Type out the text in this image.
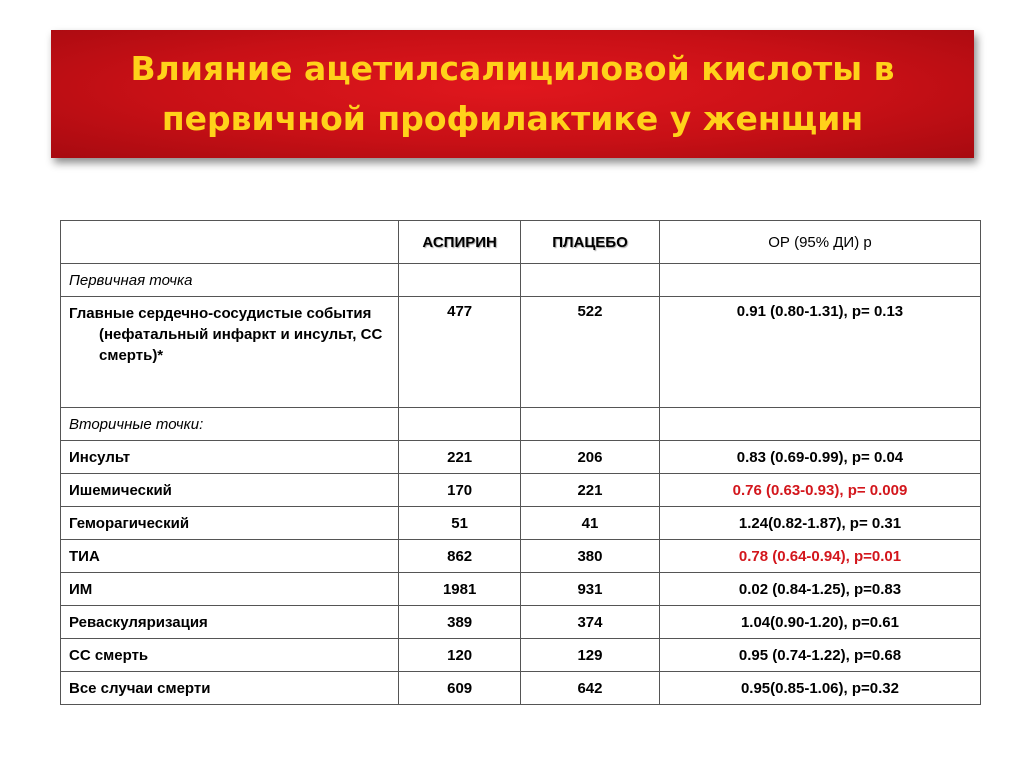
Влияние ацетилсалициловой кислоты в
первичной профилактике у женщин
	АСПИРИН	ПЛАЦЕБО	ОР (95% ДИ) р
Первичная точка			

Главные сердечно-сосудистые события (нефатальный инфаркт и инсульт, СС смерть)*	477	522	0.91 (0.80-1.31), р= 0.13
Вторичные точки:			
Инсульт	221	206	0.83 (0.69-0.99), р= 0.04
Ишемический	170	221	0.76 (0.63-0.93), р= 0.009
Геморагический	51	41	1.24(0.82-1.87), р= 0.31
ТИА	862	380	0.78 (0.64-0.94), р=0.01
ИМ	1981	931	0.02 (0.84-1.25), р=0.83
Реваскуляризация	389	374	1.04(0.90-1.20), р=0.61
СС смерть	120	129	0.95 (0.74-1.22), р=0.68
Все случаи смерти	609	642	0.95(0.85-1.06), р=0.32
